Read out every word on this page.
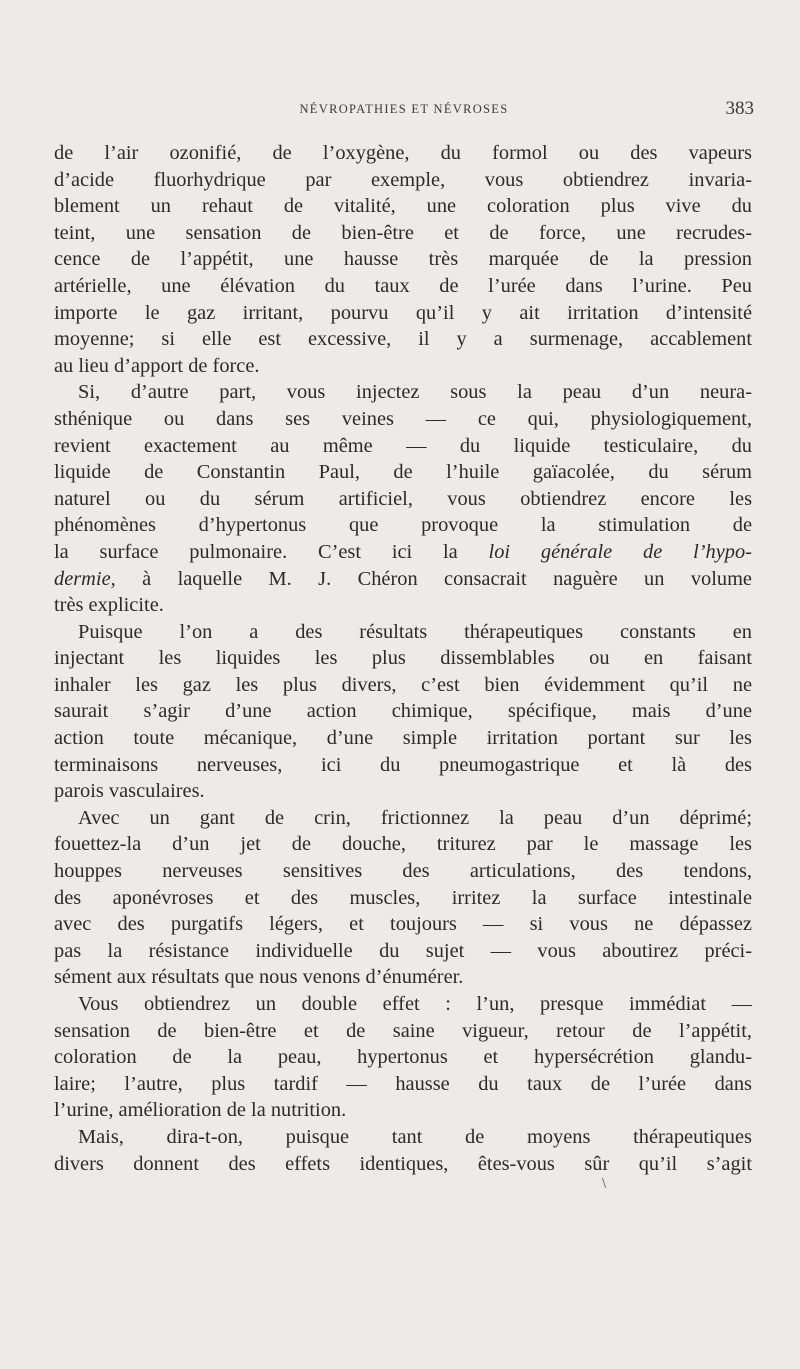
NÉVROPATHIES ET NÉVROSES	383
de l’air ozonifié, de l’oxygène, du formol ou des vapeurs
d’acide fluorhydrique par exemple, vous obtiendrez invaria-
blement un rehaut de vitalité, une coloration plus vive du
teint, une sensation de bien-être et de force, une recrudes-
cence de l’appétit, une hausse très marquée de la pression
artérielle, une élévation du taux de l’urée dans l’urine. Peu
importe le gaz irritant, pourvu qu’il y ait irritation d’intensité
moyenne; si elle est excessive, il y a surmenage, accablement
au lieu d’apport de force.
Si, d’autre part, vous injectez sous la peau d’un neura-
sthénique ou dans ses veines — ce qui, physiologiquement,
revient exactement au même — du liquide testiculaire, du
liquide de Constantin Paul, de l’huile gaïacolée, du sérum
naturel ou du sérum artificiel, vous obtiendrez encore les
phénomènes d’hypertonus que provoque la stimulation de
la surface pulmonaire. C’est ici la loi générale de l’hypo-
dermie, à laquelle M. J. Chéron consacrait naguère un volume
très explicite.
Puisque l’on a des résultats thérapeutiques constants en
injectant les liquides les plus dissemblables ou en faisant
inhaler les gaz les plus divers, c’est bien évidemment qu’il ne
saurait s’agir d’une action chimique, spécifique, mais d’une
action toute mécanique, d’une simple irritation portant sur les
terminaisons nerveuses, ici du pneumogastrique et là des
parois vasculaires.
Avec un gant de crin, frictionnez la peau d’un déprimé;
fouettez-la d’un jet de douche, triturez par le massage les
houppes nerveuses sensitives des articulations, des tendons,
des aponévroses et des muscles, irritez la surface intestinale
avec des purgatifs légers, et toujours — si vous ne dépassez
pas la résistance individuelle du sujet — vous aboutirez préci-
sément aux résultats que nous venons d’énumérer.
Vous obtiendrez un double effet : l’un, presque immédiat —
sensation de bien-être et de saine vigueur, retour de l’appétit,
coloration de la peau, hypertonus et hypersécrétion glandu-
laire; l’autre, plus tardif — hausse du taux de l’urée dans
l’urine, amélioration de la nutrition.
Mais, dira-t-on, puisque tant de moyens thérapeutiques
divers donnent des effets identiques, êtes-vous sûr qu’il s’agit
\
